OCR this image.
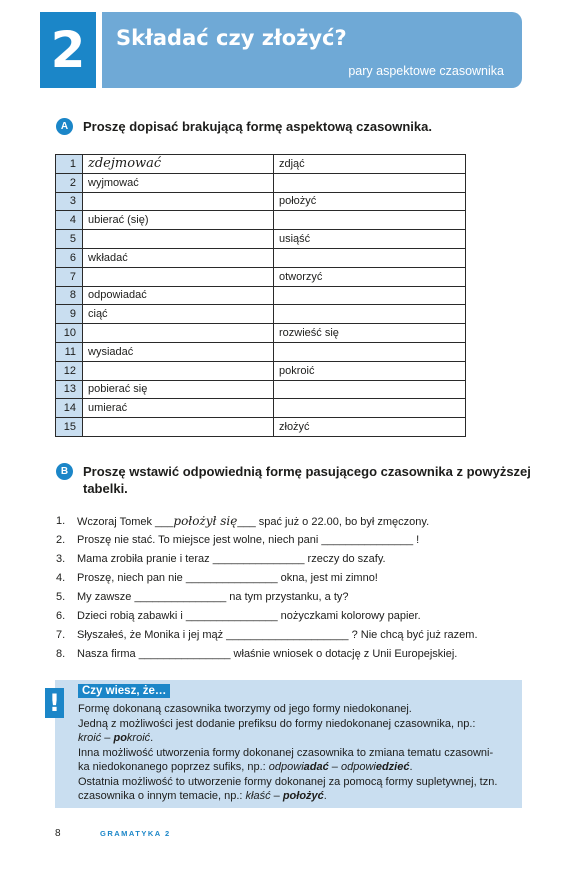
2	Składać czy złożyć?
pary aspektowe czasownika
A	Proszę dopisać brakującą formę aspektową czasownika.
1	zdejmować	zdjąć
2	wyjmować	
3		położyć
4	ubierać (się)	
5		usiąść
6	wkładać	
7		otworzyć
8	odpowiadać	
9	ciąć	
10		rozwieść się
11	wysiadać	
12		pokroić
13	pobierać się	
14	umierać	
15		złożyć
B	Proszę wstawić odpowiednią formę pasującego czasownika z powyższej tabelki.
1.	Wczoraj Tomek ___położył się___ spać już o 22.00, bo był zmęczony.
2.	Proszę nie stać. To miejsce jest wolne, niech pani _______________ !
3.	Mama zrobiła pranie i teraz _______________ rzeczy do szafy.
4.	Proszę, niech pan nie _______________ okna, jest mi zimno!
5.	My zawsze _______________ na tym przystanku, a ty?
6.	Dzieci robią zabawki i _______________ nożyczkami kolorowy papier.
7.	Słyszałeś, że Monika i jej mąż ____________________ ? Nie chcą być już razem.
8.	Nasza firma _______________ właśnie wniosek o dotację z Unii Europejskiej.
!	Czy wiesz, że…
Formę dokonaną czasownika tworzymy od jego formy niedokonanej.
Jedną z możliwości jest dodanie prefiksu do formy niedokonanej czasownika, np.:
kroić – pokroić.
Inna możliwość utworzenia formy dokonanej czasownika to zmiana tematu czasowni-
ka niedokonanego poprzez sufiks, np.: odpowiadać – odpowiedzieć.
Ostatnia możliwość to utworzenie formy dokonanej za pomocą formy supletywnej, tzn.
czasownika o innym temacie, np.: kłaść – położyć.
8	GRAMATYKA 2
